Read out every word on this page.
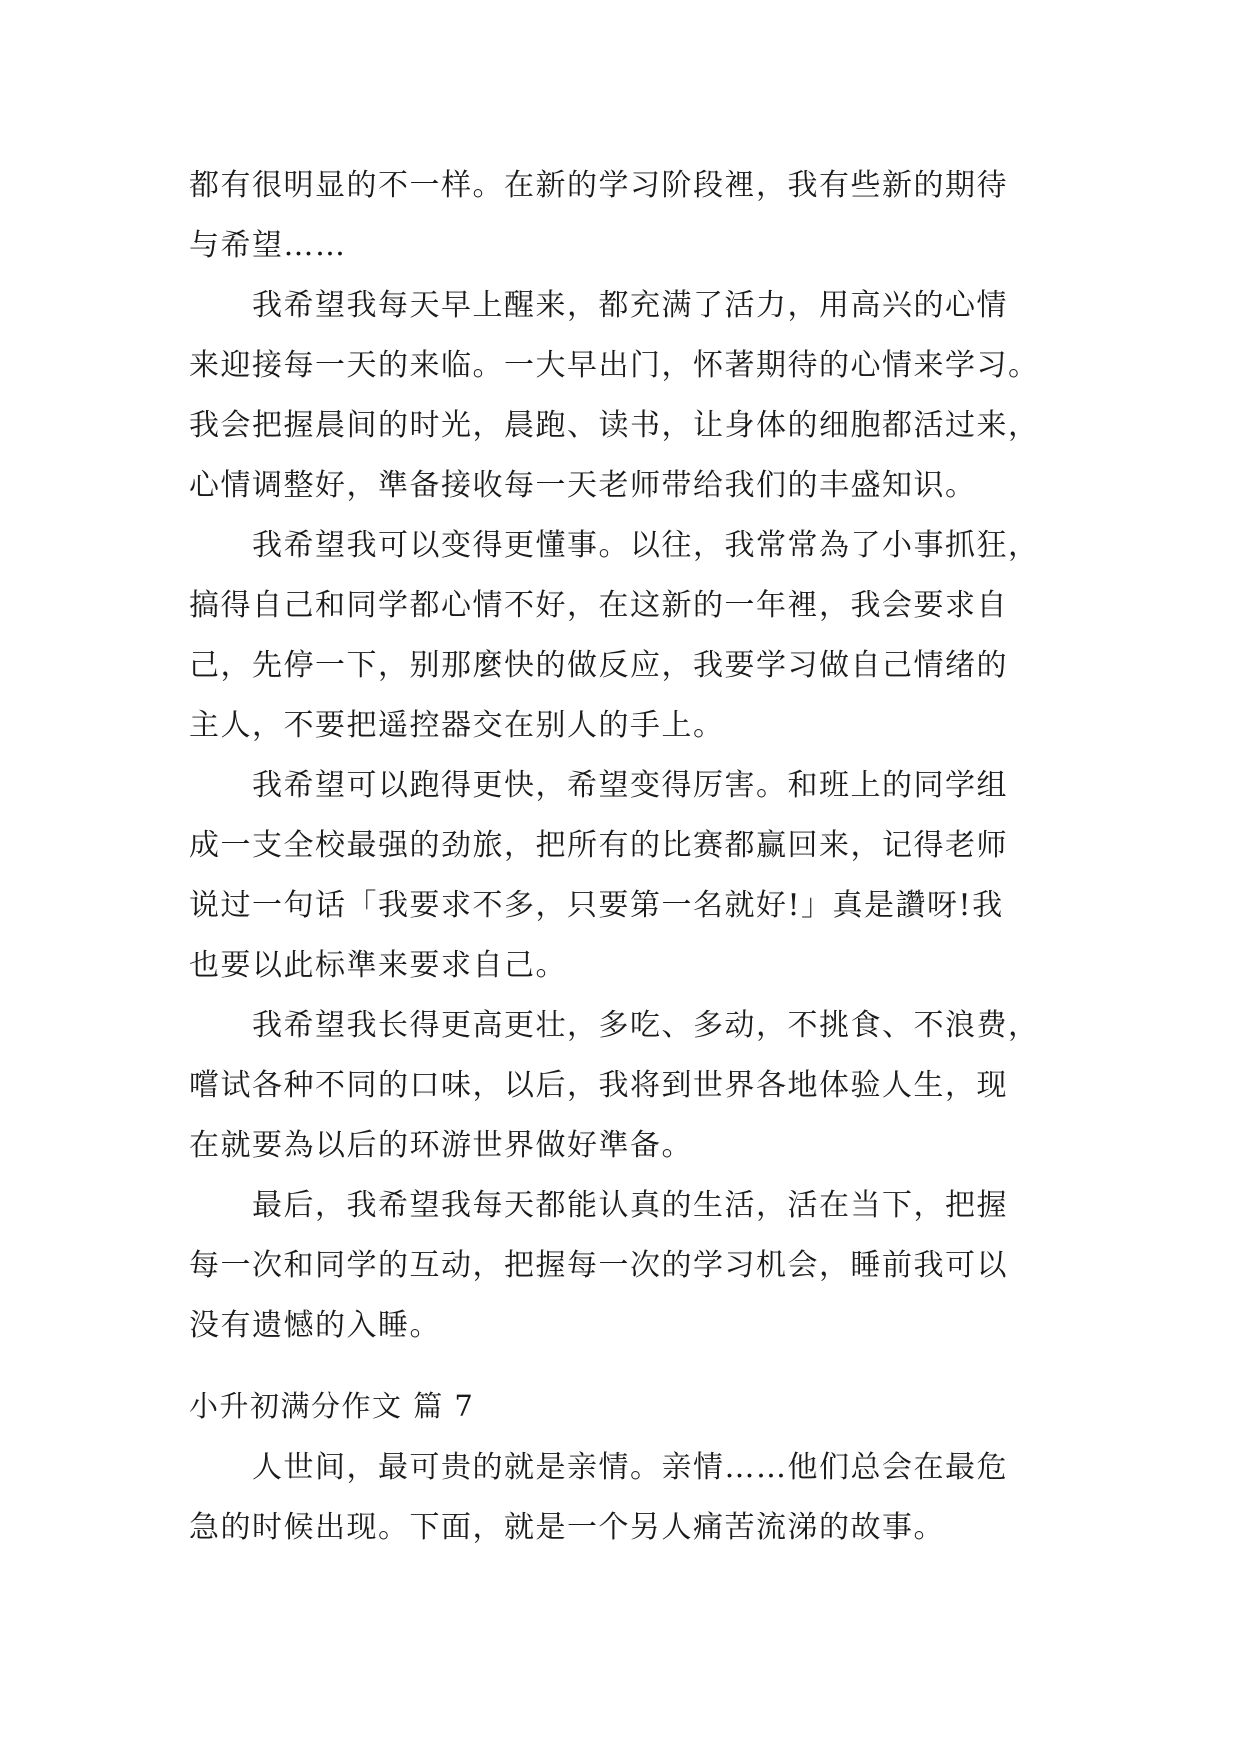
都有很明显的不一样。在新的学习阶段裡，我有些新的期待
与希望……
　　我希望我每天早上醒来，都充满了活力，用高兴的心情
来迎接每一天的来临。一大早出门，怀著期待的心情来学习。
我会把握晨间的时光，晨跑、读书，让身体的细胞都活过来，
心情调整好，準备接收每一天老师带给我们的丰盛知识。
　　我希望我可以变得更懂事。以往，我常常為了小事抓狂，
搞得自己和同学都心情不好，在这新的一年裡，我会要求自
己，先停一下，别那麼快的做反应，我要学习做自己情绪的
主人，不要把遥控器交在别人的手上。
　　我希望可以跑得更快，希望变得厉害。和班上的同学组
成一支全校最强的劲旅，把所有的比赛都赢回来，记得老师
说过一句话「我要求不多，只要第一名就好!」真是讚呀!我
也要以此标準来要求自己。
　　我希望我长得更高更壮，多吃、多动，不挑食、不浪费，
嚐试各种不同的口味，以后，我将到世界各地体验人生，现
在就要為以后的环游世界做好準备。
　　最后，我希望我每天都能认真的生活，活在当下，把握
每一次和同学的互动，把握每一次的学习机会，睡前我可以
没有遗憾的入睡。
小升初满分作文 篇 7
　　人世间，最可贵的就是亲情。亲情……他们总会在最危
急的时候出现。下面，就是一个另人痛苦流涕的故事。
